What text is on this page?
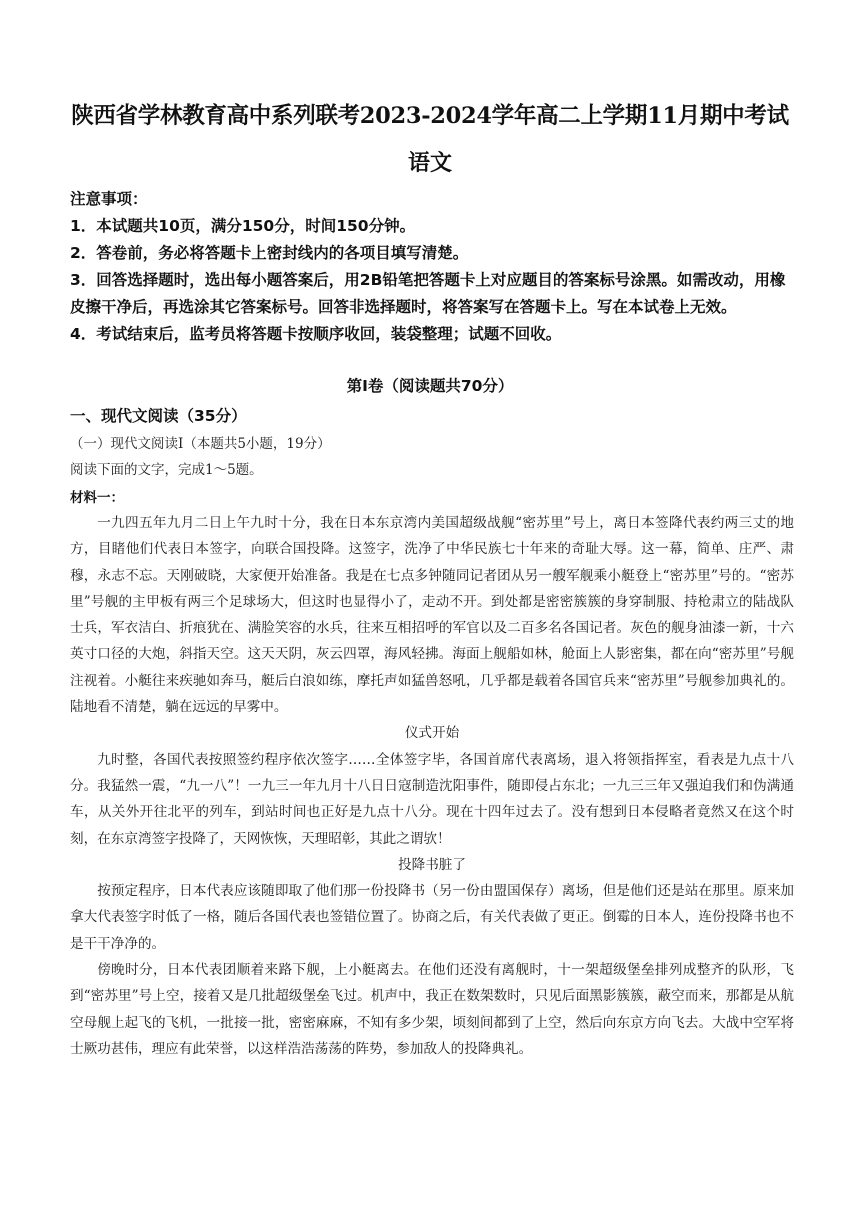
陕西省学林教育高中系列联考2023-2024学年高二上学期11月期中考试
语文

注意事项：

1．本试题共10页，满分150分，时间150分钟。

2．答卷前，务必将答题卡上密封线内的各项目填写清楚。

3．回答选择题时，选出每小题答案后，用2B铅笔把答题卡上对应题目的答案标号涂黑。如需改动，用橡皮擦干净后，再选涂其它答案标号。回答非选择题时，将答案写在答题卡上。写在本试卷上无效。

4．考试结束后，监考员将答题卡按顺序收回，装袋整理；试题不回收。

第Ⅰ卷（阅读题共70分）
一、现代文阅读（35分）
（一）现代文阅读Ⅰ（本题共5小题，19分）
阅读下面的文字，完成1～5题。
材料一：

一九四五年九月二日上午九时十分，我在日本东京湾内美国超级战舰“密苏里”号上，离日本签降代表约两三丈的地方，目睹他们代表日本签字，向联合国投降。这签字，洗净了中华民族七十年来的奇耻大辱。这一幕，简单、庄严、肃穆，永志不忘。天刚破晓，大家便开始准备。我是在七点多钟随同记者团从另一艘军舰乘小艇登上“密苏里”号的。“密苏里”号舰的主甲板有两三个足球场大，但这时也显得小了，走动不开。到处都是密密簇簇的身穿制服、持枪肃立的陆战队士兵，军衣洁白、折痕犹在、满脸笑容的水兵，往来互相招呼的军官以及二百多名各国记者。灰色的舰身油漆一新，十六英寸口径的大炮，斜指天空。这天天阴，灰云四罩，海风轻拂。海面上舰船如林，舱面上人影密集，都在向“密苏里”号舰注视着。小艇往来疾驰如奔马，艇后白浪如练，摩托声如猛兽怒吼，几乎都是载着各国官兵来“密苏里”号舰参加典礼的。陆地看不清楚，躺在远远的早雾中。

仪式开始

九时整，各国代表按照签约程序依次签字……全体签字毕，各国首席代表离场，退入将领指挥室，看表是九点十八分。我猛然一震，“九一八”！一九三一年九月十八日日寇制造沈阳事件，随即侵占东北；一九三三年又强迫我们和伪满通车，从关外开往北平的列车，到站时间也正好是九点十八分。现在十四年过去了。没有想到日本侵略者竟然又在这个时刻，在东京湾签字投降了，天网恢恢，天理昭彰，其此之谓欤！

投降书脏了

按预定程序，日本代表应该随即取了他们那一份投降书（另一份由盟国保存）离场，但是他们还是站在那里。原来加拿大代表签字时低了一格，随后各国代表也签错位置了。协商之后，有关代表做了更正。倒霉的日本人，连份投降书也不是干干净净的。

傍晚时分，日本代表团顺着来路下舰，上小艇离去。在他们还没有离舰时，十一架超级堡垒排列成整齐的队形，飞到“密苏里”号上空，接着又是几批超级堡垒飞过。机声中，我正在数架数时，只见后面黑影簇簇，蔽空而来，那都是从航空母舰上起飞的飞机，一批接一批，密密麻麻，不知有多少架，顷刻间都到了上空，然后向东京方向飞去。大战中空军将士厥功甚伟，理应有此荣誉，以这样浩浩荡荡的阵势，参加敌人的投降典礼。
